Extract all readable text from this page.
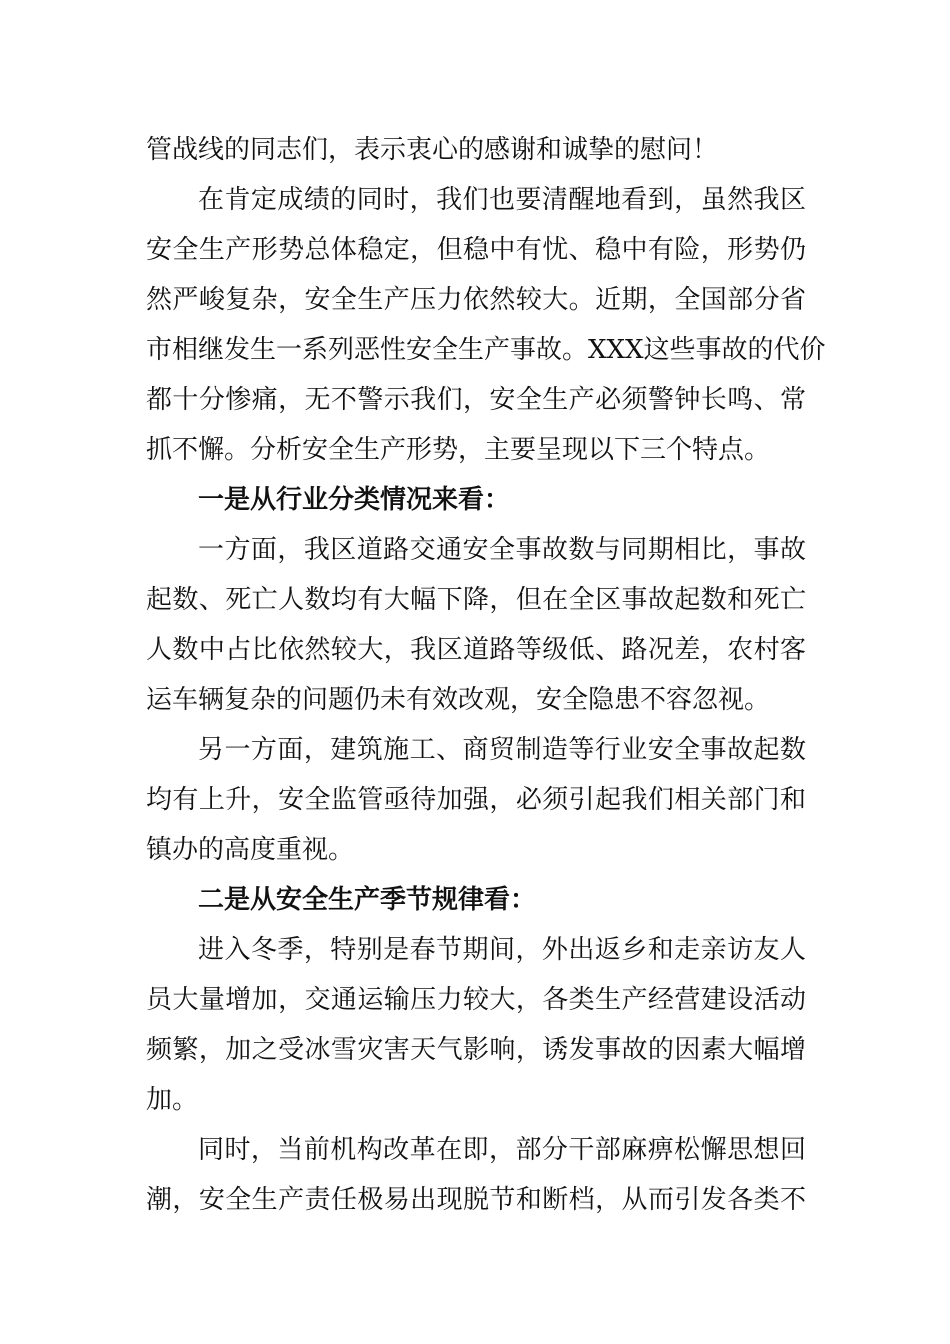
管战线的同志们，表示衷心的感谢和诚挚的慰问！
在肯定成绩的同时，我们也要清醒地看到，虽然我区
安全生产形势总体稳定，但稳中有忧、稳中有险，形势仍
然严峻复杂，安全生产压力依然较大。近期，全国部分省
市相继发生一系列恶性安全生产事故。XXX这些事故的代价
都十分惨痛，无不警示我们，安全生产必须警钟长鸣、常
抓不懈。分析安全生产形势，主要呈现以下三个特点。
一是从行业分类情况来看：
一方面，我区道路交通安全事故数与同期相比，事故
起数、死亡人数均有大幅下降，但在全区事故起数和死亡
人数中占比依然较大，我区道路等级低、路况差，农村客
运车辆复杂的问题仍未有效改观，安全隐患不容忽视。
另一方面，建筑施工、商贸制造等行业安全事故起数
均有上升，安全监管亟待加强，必须引起我们相关部门和
镇办的高度重视。
二是从安全生产季节规律看：
进入冬季，特别是春节期间，外出返乡和走亲访友人
员大量增加，交通运输压力较大，各类生产经营建设活动
频繁，加之受冰雪灾害天气影响，诱发事故的因素大幅增
加。
同时，当前机构改革在即，部分干部麻痹松懈思想回
潮，安全生产责任极易出现脱节和断档，从而引发各类不
